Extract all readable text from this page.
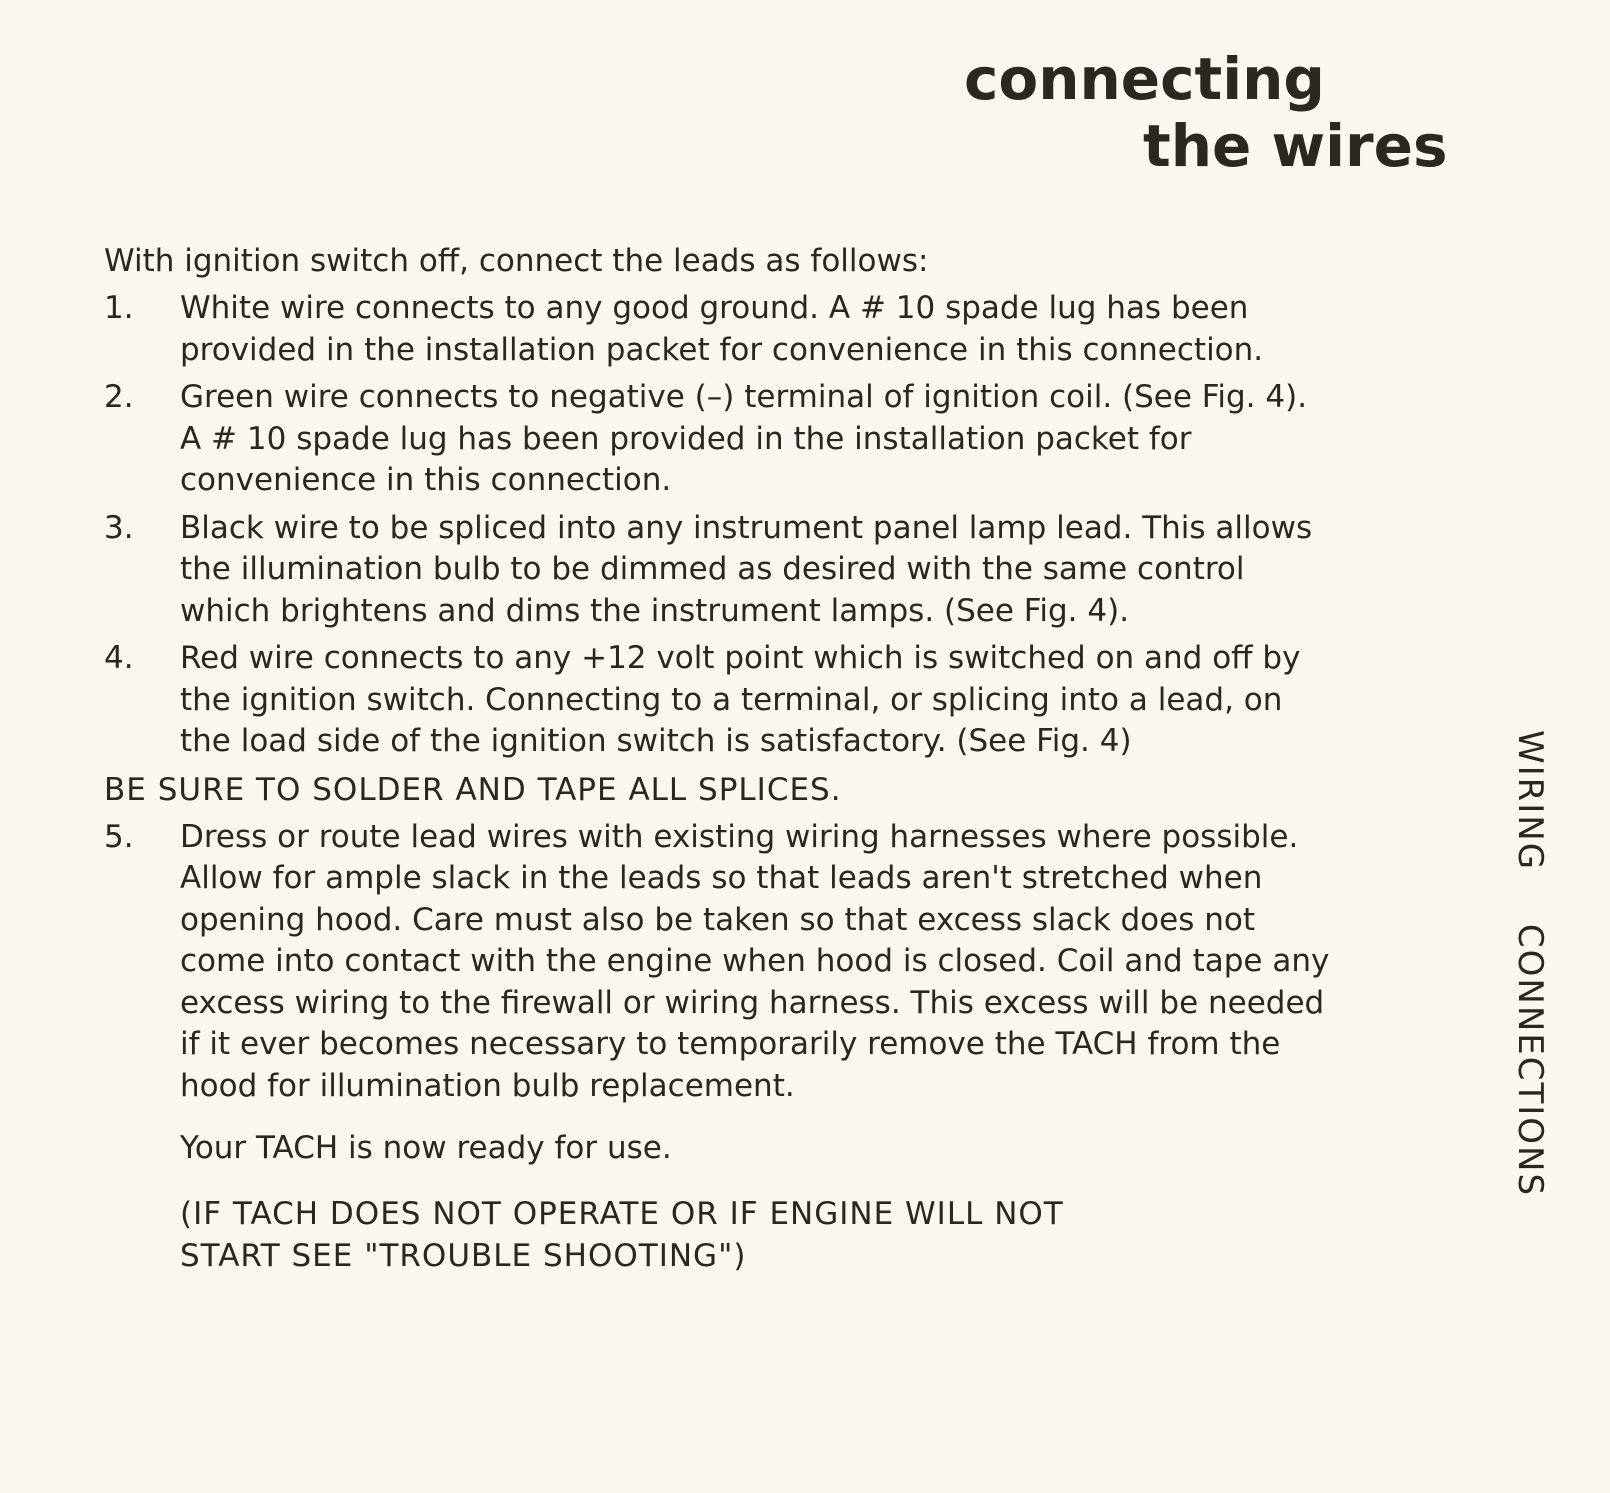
connecting
the wires
With ignition switch off, connect the leads as follows:
1. White wire connects to any good ground. A # 10 spade lug has been provided in the installation packet for convenience in this connection.
2. Green wire connects to negative (–) terminal of ignition coil. (See Fig. 4). A # 10 spade lug has been provided in the installation packet for convenience in this connection.
3. Black wire to be spliced into any instrument panel lamp lead. This allows the illumination bulb to be dimmed as desired with the same control which brightens and dims the instrument lamps. (See Fig. 4).
4. Red wire connects to any +12 volt point which is switched on and off by the ignition switch. Connecting to a terminal, or splicing into a lead, on the load side of the ignition switch is satisfactory. (See Fig. 4)
BE SURE TO SOLDER AND TAPE ALL SPLICES.
5. Dress or route lead wires with existing wiring harnesses where possible. Allow for ample slack in the leads so that leads aren't stretched when opening hood. Care must also be taken so that excess slack does not come into contact with the engine when hood is closed. Coil and tape any excess wiring to the firewall or wiring harness. This excess will be needed if it ever becomes necessary to temporarily remove the TACH from the hood for illumination bulb replacement.
Your TACH is now ready for use.
(IF TACH DOES NOT OPERATE OR IF ENGINE WILL NOT START SEE "TROUBLE SHOOTING")
WIRING CONNECTIONS
